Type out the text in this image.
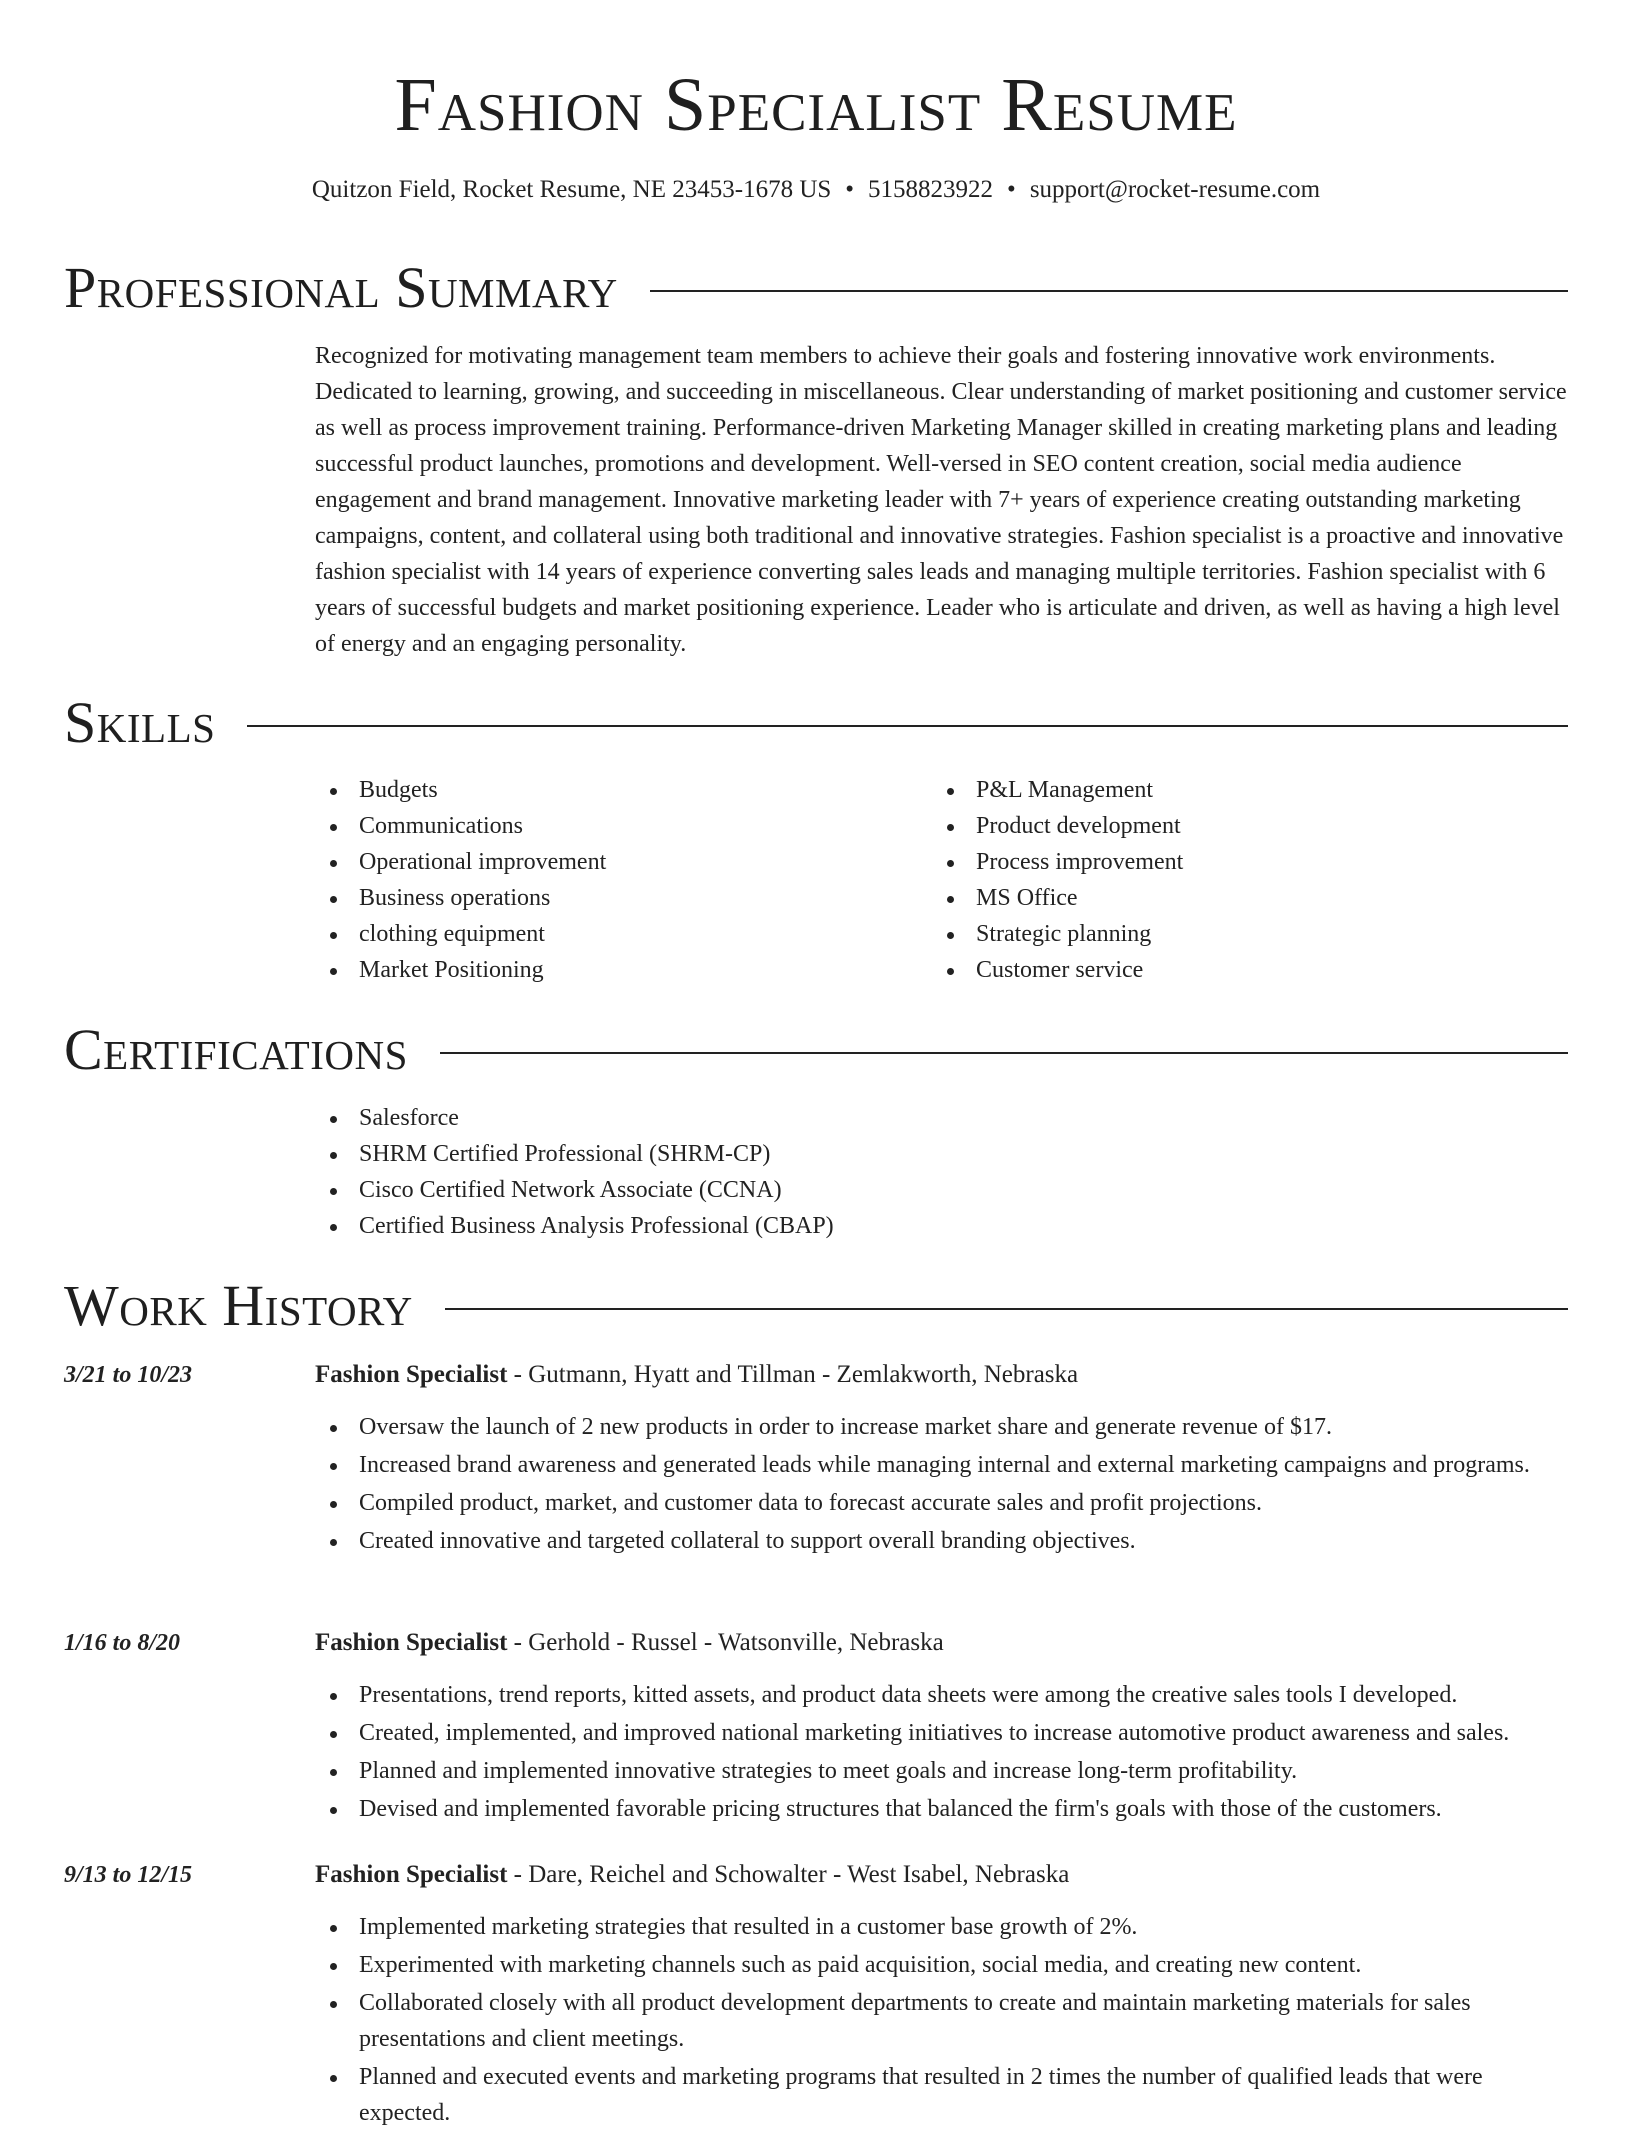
Fashion Specialist Resume
Quitzon Field, Rocket Resume, NE 23453-1678 US • 5158823922 • support@rocket-resume.com
Professional Summary

Recognized for motivating management team members to achieve their goals and fostering innovative work environments. Dedicated to learning, growing, and succeeding in miscellaneous. Clear understanding of market positioning and customer service as well as process improvement training. Performance-driven Marketing Manager skilled in creating marketing plans and leading successful product launches, promotions and development. Well-versed in SEO content creation, social media audience engagement and brand management. Innovative marketing leader with 7+ years of experience creating outstanding marketing campaigns, content, and collateral using both traditional and innovative strategies. Fashion specialist is a proactive and innovative fashion specialist with 14 years of experience converting sales leads and managing multiple territories. Fashion specialist with 6 years of successful budgets and market positioning experience. Leader who is articulate and driven, as well as having a high level of energy and an engaging personality.

Skills
Budgets
Communications
Operational improvement
Business operations
clothing equipment
Market Positioning
P&L Management
Product development
Process improvement
MS Office
Strategic planning
Customer service
Certifications
Salesforce
SHRM Certified Professional (SHRM-CP)
Cisco Certified Network Associate (CCNA)
Certified Business Analysis Professional (CBAP)
Work History
3/21 to 10/23	Fashion Specialist - Gutmann, Hyatt and Tillman - Zemlakworth, Nebraska
Oversaw the launch of 2 new products in order to increase market share and generate revenue of $17.
Increased brand awareness and generated leads while managing internal and external marketing campaigns and programs.
Compiled product, market, and customer data to forecast accurate sales and profit projections.
Created innovative and targeted collateral to support overall branding objectives.
1/16 to 8/20	Fashion Specialist - Gerhold - Russel - Watsonville, Nebraska
Presentations, trend reports, kitted assets, and product data sheets were among the creative sales tools I developed.
Created, implemented, and improved national marketing initiatives to increase automotive product awareness and sales.
Planned and implemented innovative strategies to meet goals and increase long-term profitability.
Devised and implemented favorable pricing structures that balanced the firm's goals with those of the customers.
9/13 to 12/15	Fashion Specialist - Dare, Reichel and Schowalter - West Isabel, Nebraska
Implemented marketing strategies that resulted in a customer base growth of 2%.
Experimented with marketing channels such as paid acquisition, social media, and creating new content.
Collaborated closely with all product development departments to create and maintain marketing materials for sales presentations and client meetings.
Planned and executed events and marketing programs that resulted in 2 times the number of qualified leads that were expected.
